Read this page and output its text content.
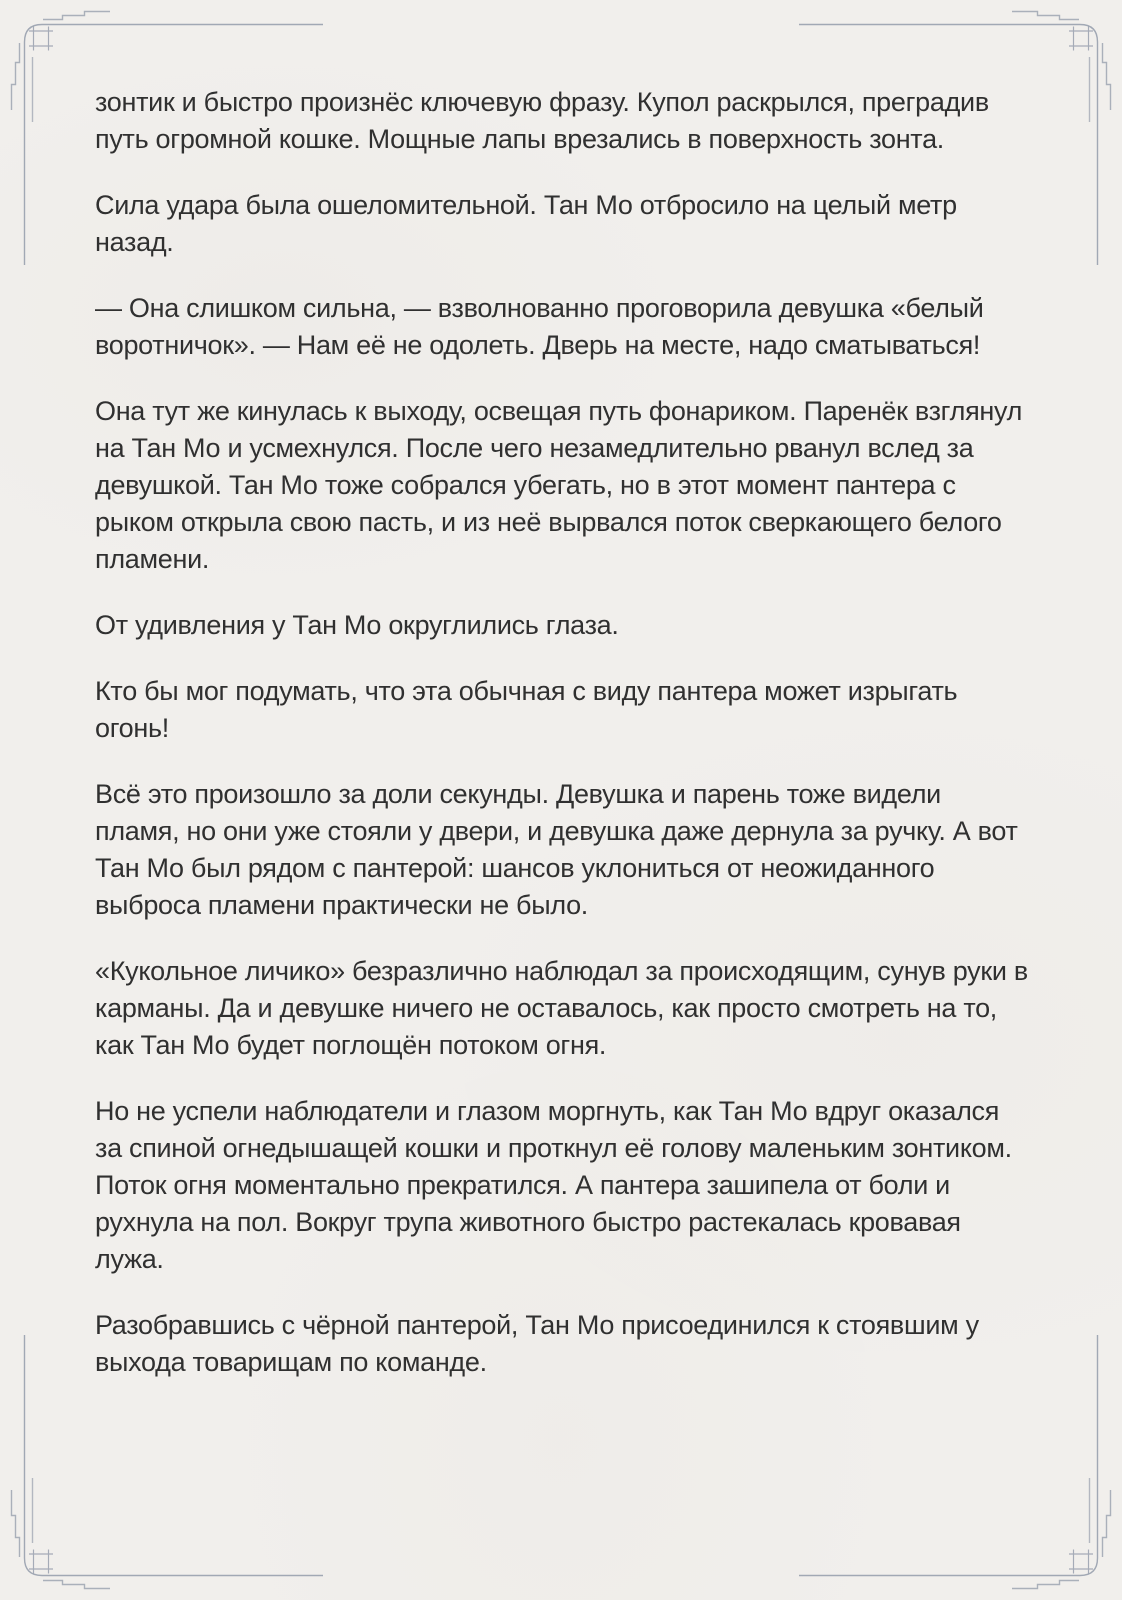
зонтик и быстро произнёс ключевую фразу. Купол раскрылся, преградив путь огромной кошке. Мощные лапы врезались в поверхность зонта.

Сила удара была ошеломительной. Тан Мо отбросило на целый метр назад.

— Она слишком сильна, — взволнованно проговорила девушка «белый воротничок». — Нам её не одолеть. Дверь на месте, надо сматываться!

Она тут же кинулась к выходу, освещая путь фонариком. Паренёк взглянул на Тан Мо и усмехнулся. После чего незамедлительно рванул вслед за девушкой. Тан Мо тоже собрался убегать, но в этот момент пантера с рыком открыла свою пасть, и из неё вырвался поток сверкающего белого пламени.

От удивления у Тан Мо округлились глаза.

Кто бы мог подумать, что эта обычная с виду пантера может изрыгать огонь!

Всё это произошло за доли секунды. Девушка и парень тоже видели пламя, но они уже стояли у двери, и девушка даже дернула за ручку. А вот Тан Мо был рядом с пантерой: шансов уклониться от неожиданного выброса пламени практически не было.

«Кукольное личико» безразлично наблюдал за происходящим, сунув руки в карманы. Да и девушке ничего не оставалось, как просто смотреть на то, как Тан Мо будет поглощён потоком огня.

Но не успели наблюдатели и глазом моргнуть, как Тан Мо вдруг оказался за спиной огнедышащей кошки и проткнул её голову маленьким зонтиком. Поток огня моментально прекратился. А пантера зашипела от боли и рухнула на пол. Вокруг трупа животного быстро растекалась кровавая лужа.

Разобравшись с чёрной пантерой, Тан Мо присоединился к стоявшим у выхода товарищам по команде.
